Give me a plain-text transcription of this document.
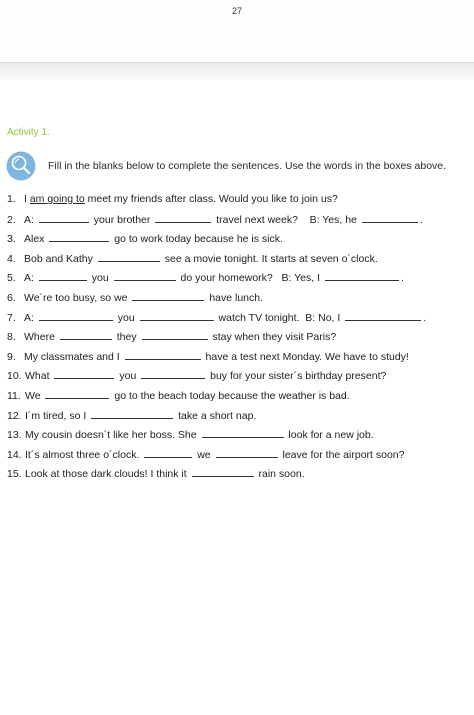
27
Activity 1.
Fill in the blanks below to complete the sentences. Use the words in the boxes above.
1. I am going to meet my friends after class. Would you like to join us?
2. A:	your brother	travel next week?    B: Yes, he	.
3. Alex	go to work today because he is sick.
4. Bob and Kathy	see a movie tonight. It starts at seven o´clock.
5. A:	you	do your homework?   B: Yes, I	.
6. We´re too busy, so we	have lunch.
7. A:	you	watch TV tonight.  B: No, I	.
8. Where	they	stay when they visit Paris?
9. My classmates and I	have a test next Monday. We have to study!
10. What	you	buy for your sister´s birthday present?
11. We	go to the beach today because the weather is bad.
12. I´m tired, so I	take a short nap.
13. My cousin doesn´t like her boss. She	look for a new job.
14. It´s almost three o´clock.	we	leave for the airport soon?
15. Look at those dark clouds! I think it	rain soon.
